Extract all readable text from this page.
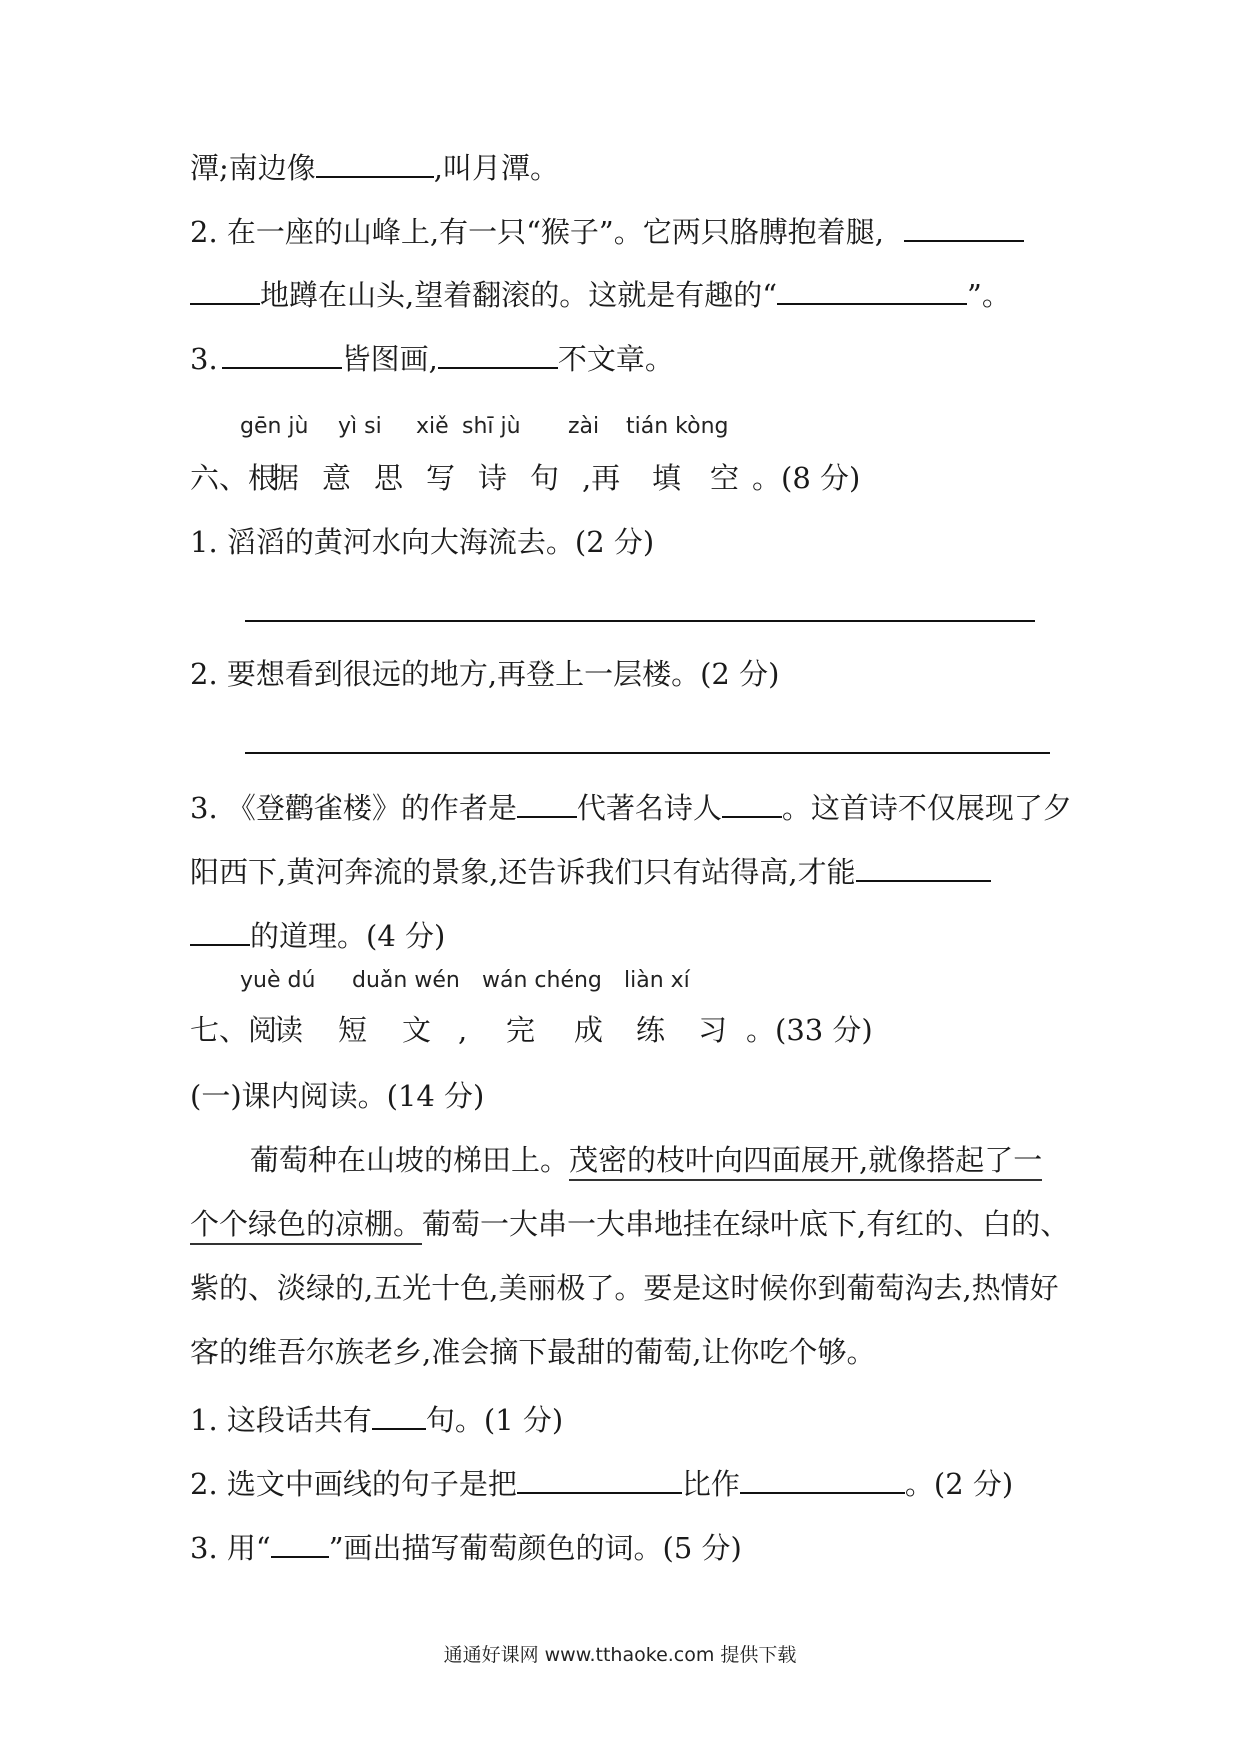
潭;南边像	,叫月潭。
2. 在一座的山峰上,有一只“猴子”。它两只胳膊抱着腿,
地蹲在山头,望着翻滚的。这就是有趣的“	”。
3.	皆图画,	不文章。
gēn jù yì si xiě shī jù zài tián kòng
六、根据 意 思 写 诗 句 ,再 填 空 。(8 分)
1. 滔滔的黄河水向大海流去。(2 分)
2. 要想看到很远的地方,再登上一层楼。(2 分)
3. 《登鹳雀楼》的作者是 代著名诗人 。这首诗不仅展现了夕
阳西下,黄河奔流的景象,还告诉我们只有站得高,才能
的道理。(4 分)
yuè dú duǎn wén wán chéng liàn xí
七、阅读 短 文 , 完 成 练 习 。(33 分)
(一)课内阅读。(14 分)
葡萄种在山坡的梯田上。茂密的枝叶向四面展开,就像搭起了一
个个绿色的凉棚。葡萄一大串一大串地挂在绿叶底下,有红的、白的、
紫的、淡绿的,五光十色,美丽极了。要是这时候你到葡萄沟去,热情好
客的维吾尔族老乡,准会摘下最甜的葡萄,让你吃个够。
1. 这段话共有 句。(1 分)
2. 选文中画线的句子是把	比作	。(2 分)
3. 用“ ”画出描写葡萄颜色的词。(5 分)
通通好课网 www.tthaoke.com 提供下载
